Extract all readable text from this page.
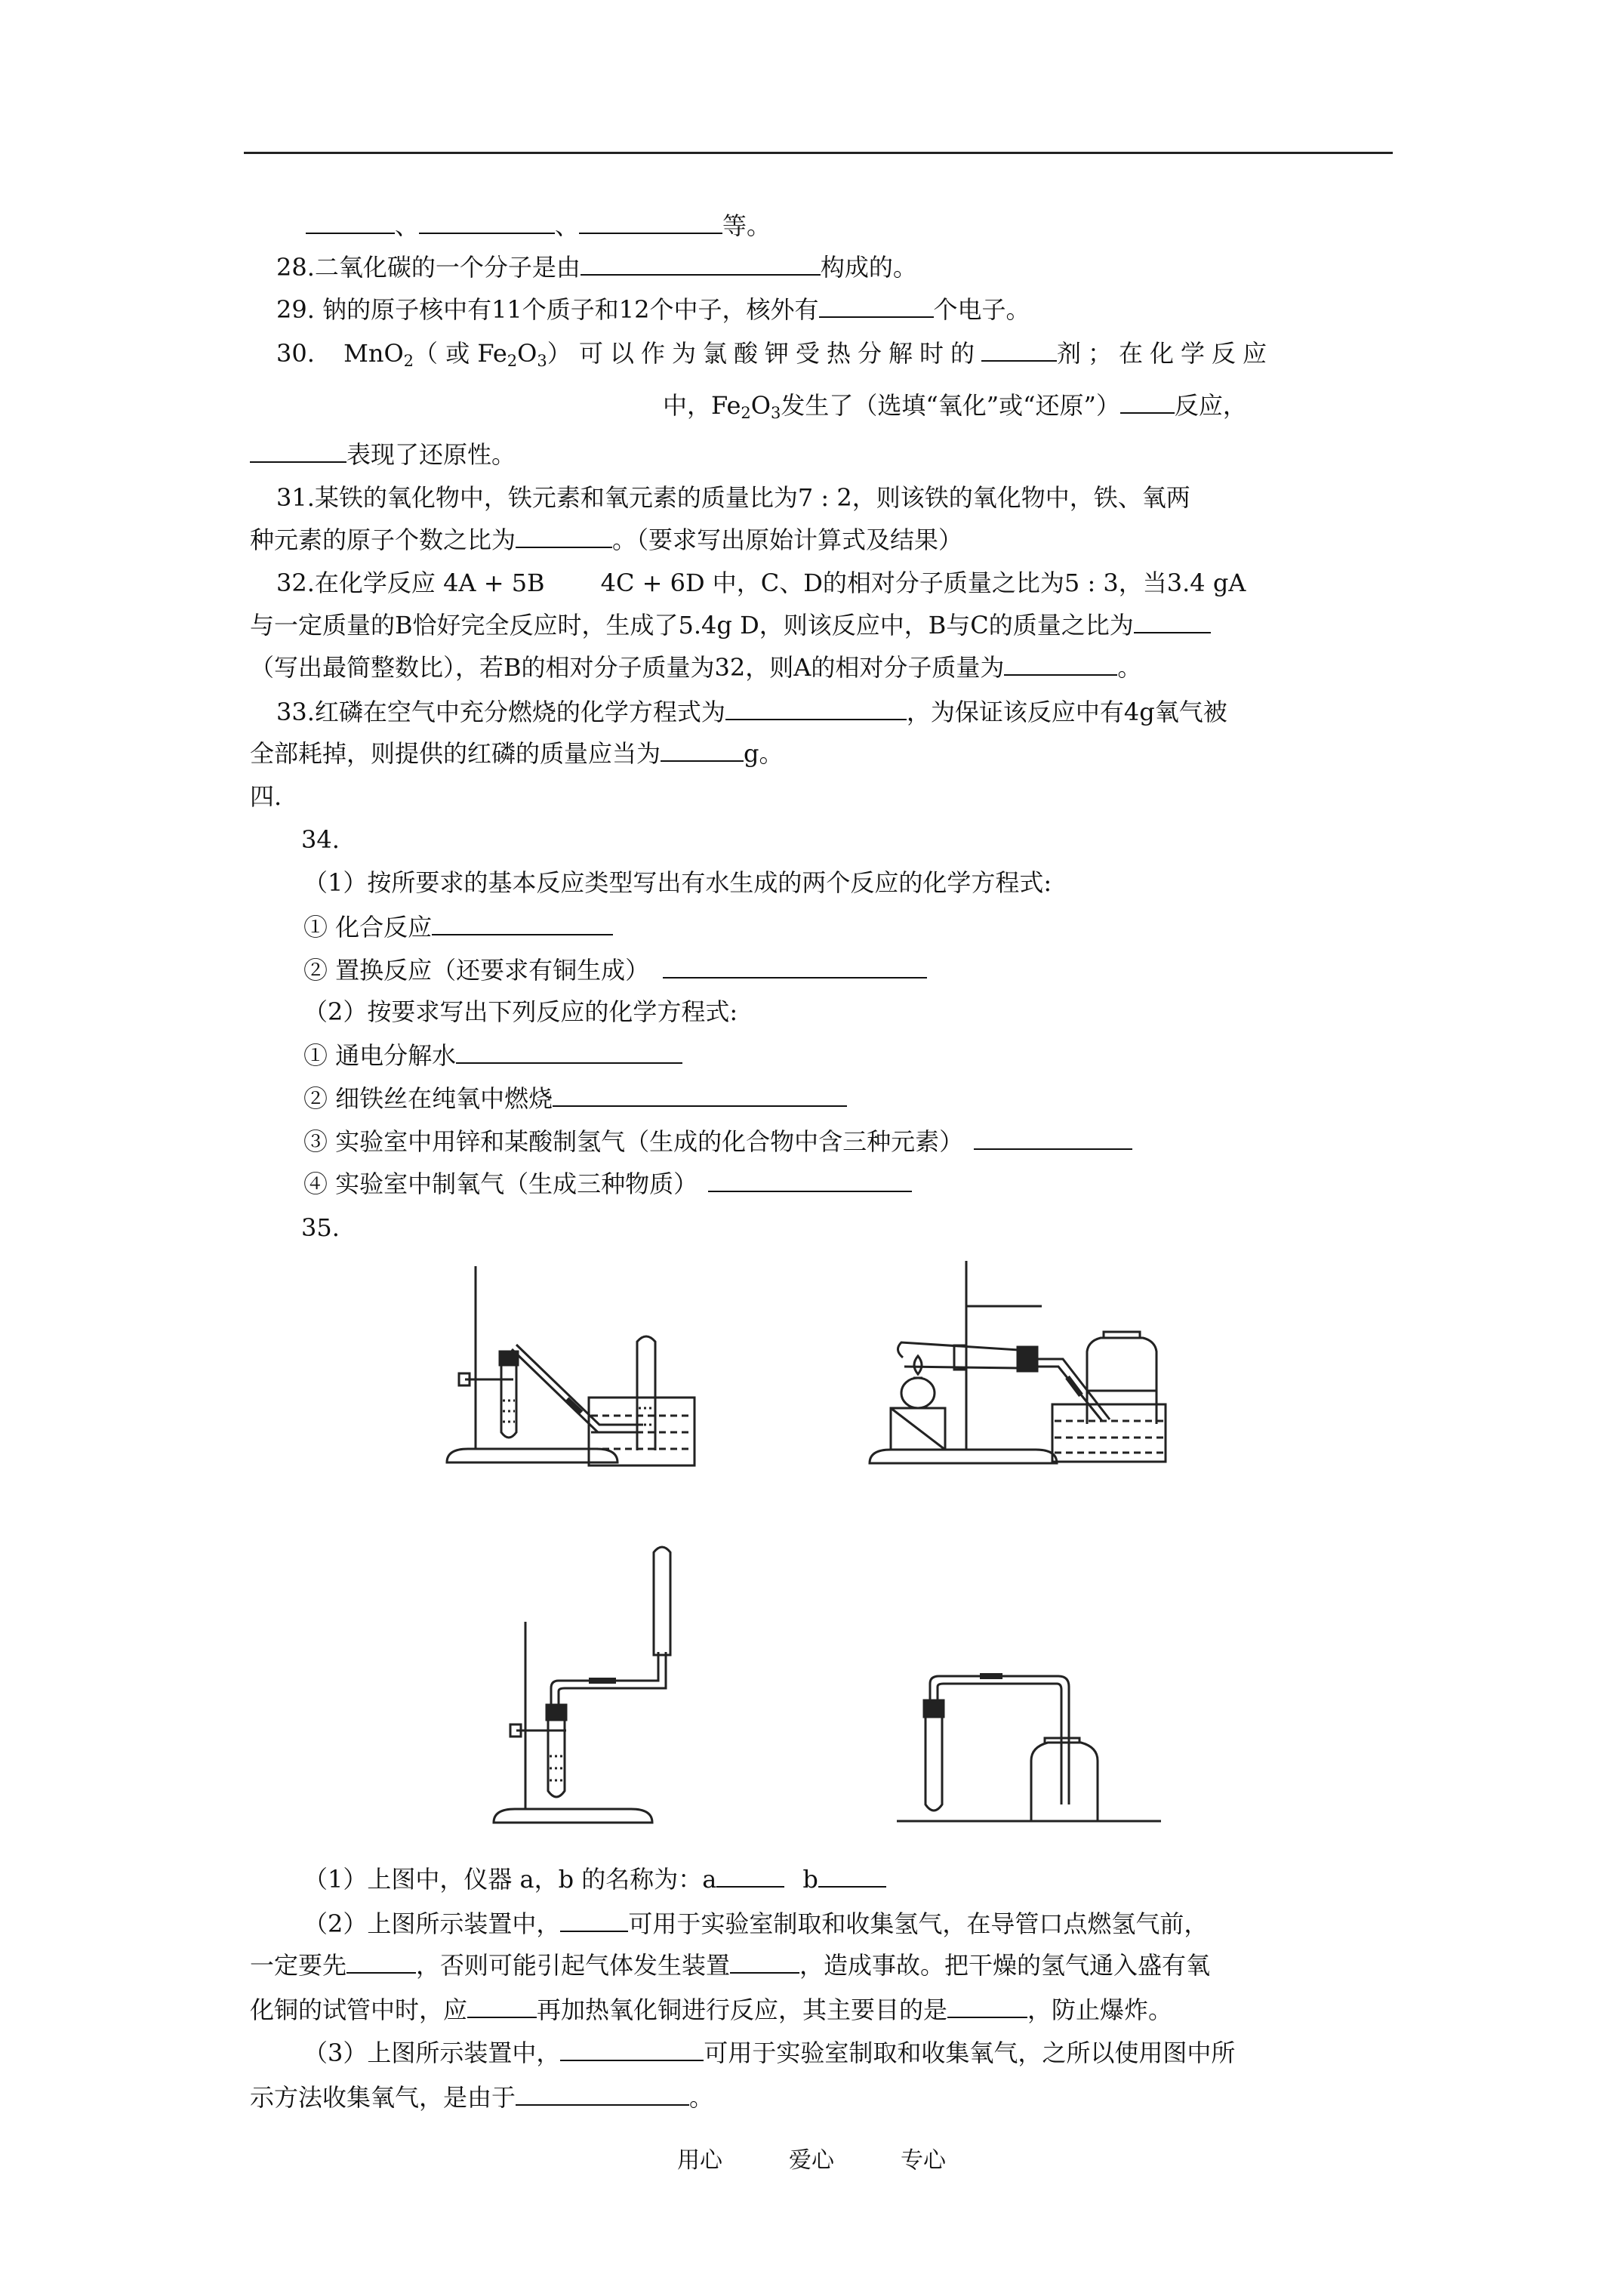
、	、	等。
28.二氧化碳的一个分子是由	构成的。
29. 钠的原子核中有11个质子和12个中子，核外有	个电子。
30. MnO$_2$（ 或 $Fe_2O_3$） 可以作为氯酸钾受热分解时的	剂；在化学反应
中，$Fe_2O_3$发生了（选填“氧化”或“还原”） 反应，
表现了还原性。
31.某铁的氧化物中，铁元素和氧元素的质量比为7 : 2，则该铁的氧化物中，铁、氧两
种元素的原子个数之比为	。（要求写出原始计算式及结果）
32.在化学反应 4A + 5B 4C + 6D 中，C、D的相对分子质量之比为5 : 3，当3.4 gA
与一定质量的B恰好完全反应时，生成了5.4g D，则该反应中，B与C的质量之比为
（写出最简整数比），若B的相对分子质量为32，则A的相对分子质量为	。
33.红磷在空气中充分燃烧的化学方程式为	，为保证该反应中有4g氧气被
全部耗掉，则提供的红磷的质量应当为	g。
四.
34.
（1）按所要求的基本反应类型写出有水生成的两个反应的化学方程式:
① 化合反应
② 置换反应（还要求有铜生成）
（2）按要求写出下列反应的化学方程式:
① 通电分解水
② 细铁丝在纯氧中燃烧
③ 实验室中用锌和某酸制氢气（生成的化合物中含三种元素）
④ 实验室中制氧气（生成三种物质）
35.
（1）上图中，仪器 a，b 的名称为：a	b
（2）上图所示装置中，	可用于实验室制取和收集氢气，在导管口点燃氢气前，
一定要先	，否则可能引起气体发生装置	，造成事故。把干燥的氢气通入盛有氧
化铜的试管中时，应	再加热氧化铜进行反应，其主要目的是	，防止爆炸。
（3）上图所示装置中，	可用于实验室制取和收集氧气，之所以使用图中所
示方法收集氧气，是由于	。
用心	爱心	专心
